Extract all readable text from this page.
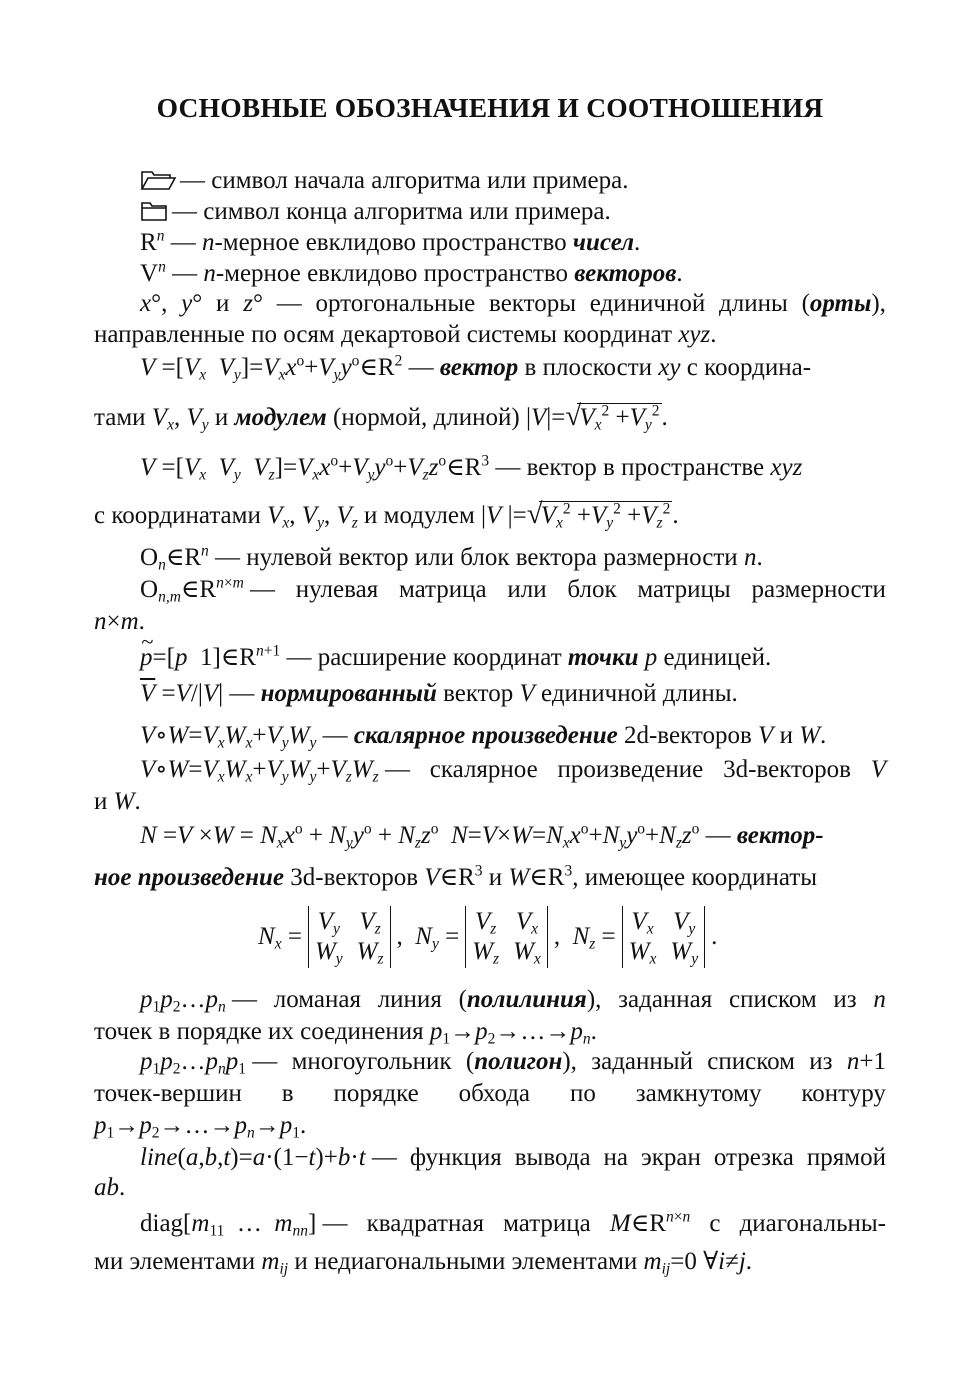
ОСНОВНЫЕ ОБОЗНАЧЕНИЯ И СООТНОШЕНИЯ
— символ начала алгоритма или примера.
— символ конца алгоритма или примера.
$R^n$ — n-мерное евклидово пространство чисел.
$V^n$ — n-мерное евклидово пространство векторов.
x°, y° и z° — ортогональные векторы единичной длины (орты),
направленные по осям декартовой системы координат xyz.
$V =[V_x$ $V_y]=V_xx^o+V_yy^o\in R^2$ — вектор в плоскости xy с координа-
тами $V_x$, $V_y$ и модулем (нормой, длиной) |V|= √ $V_x^2 +V_y^2$.
$V =[V_x$ $V_y$ $V_z]=V_xx^o+V_yy^o+V_zz^o\in R^3$ — вектор в пространстве xyz
с координатами $V_x$, $V_y$, $V_z$ и модулем |V |= √ $V_x^2 +V_y^2 +V_z^2$.
$O_n\in R^n$ — нулевой вектор или блок вектора размерности n.
$O_{n,m}\in R^{n\times m}$ — нулевая матрица или блок матрицы размерности
n×m.
~ p=[p  $1]\in R^{n+1}$ — расширение координат точки p единицей.
$\overline{V} =V/|V|$ — нормированный вектор V единичной длины.
$V\circ W=V_xW_x+V_yW_y$ — скалярное произведение 2d-векторов V и W.
$V\circ W=V_xW_x+V_yW_y+V_zW_z$ — скалярное произведение 3d-векторов V
и W.
$N =V \times W = N_xx^o + N_yy^o + N_zz^o$ $N=V\times W=N_xx^o+N_yy^o+N_zz^o$ — вектор-
ное произведение 3d-векторов $V\in R^3$ и $W\in R^3$, имеющее координаты
$N_x$ =
$V_y$ $V_z$
$W_y$ $W_z$
,  $N_y$ =
$V_z$ $V_x$
$W_z$ $W_x$
,  $N_z$ =
$V_x$ $V_y$
$W_x$ $W_y$
.
$p_1p_2\dots p_n$ — ломаная линия (полилиния), заданная списком из n
точек в порядке их соединения $p_1\to p_2\to\dots\to p_n$.
$p_1p_2\dots p_np_1$ — многоугольник (полигон), заданный списком из n+1
точек-вершин в порядке обхода по замкнутому контуру
$p_1\to p_2\to\dots\to p_n\to p_1$.
line(a,b,t)=a·(1−t)+b·t — функция вывода на экран отрезка прямой
ab.
$diag[m_{11}$  …  $m_{nn}$] — квадратная матрица $M\in R^{n\times n}$ с диагональны-
ми элементами $m_{ij}$ и недиагональными элементами $m_{ij}=0$ ∀i≠j.
